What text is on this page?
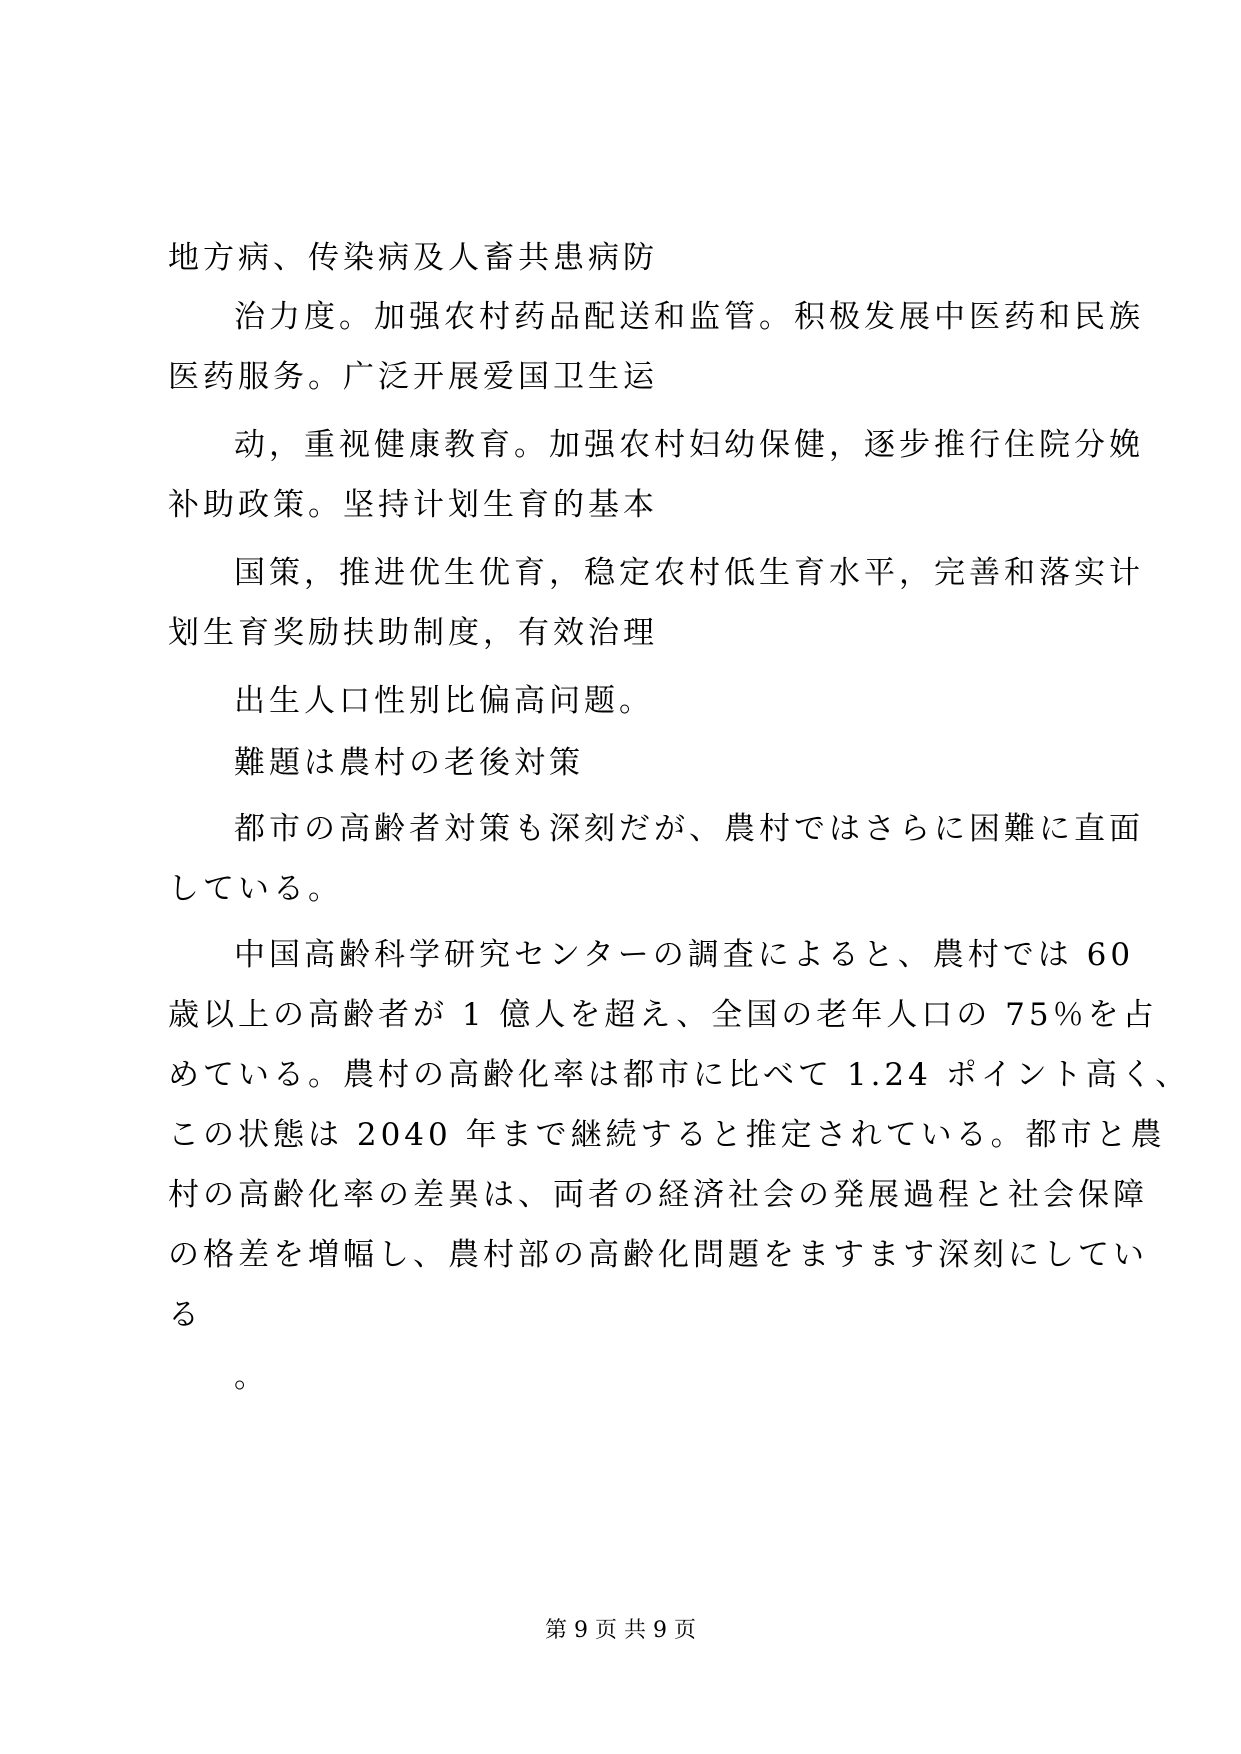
地方病、传染病及人畜共患病防
治力度。加强农村药品配送和监管。积极发展中医药和民族
医药服务。广泛开展爱国卫生运
动，重视健康教育。加强农村妇幼保健，逐步推行住院分娩
补助政策。坚持计划生育的基本
国策，推进优生优育，稳定农村低生育水平，完善和落实计
划生育奖励扶助制度，有效治理
出生人口性别比偏高问题。
難題は農村の老後対策
都市の高齢者対策も深刻だが、農村ではさらに困難に直面
している。
中国高齢科学研究センターの調査によると、農村では 60
歳以上の高齢者が 1 億人を超え、全国の老年人口の 75％を占
めている。農村の高齢化率は都市に比べて 1.24 ポイント高く、
この状態は 2040 年まで継続すると推定されている。都市と農
村の高齢化率の差異は、両者の経済社会の発展過程と社会保障
の格差を増幅し、農村部の高齢化問題をますます深刻にしてい
る
。
第 9 页 共 9 页
